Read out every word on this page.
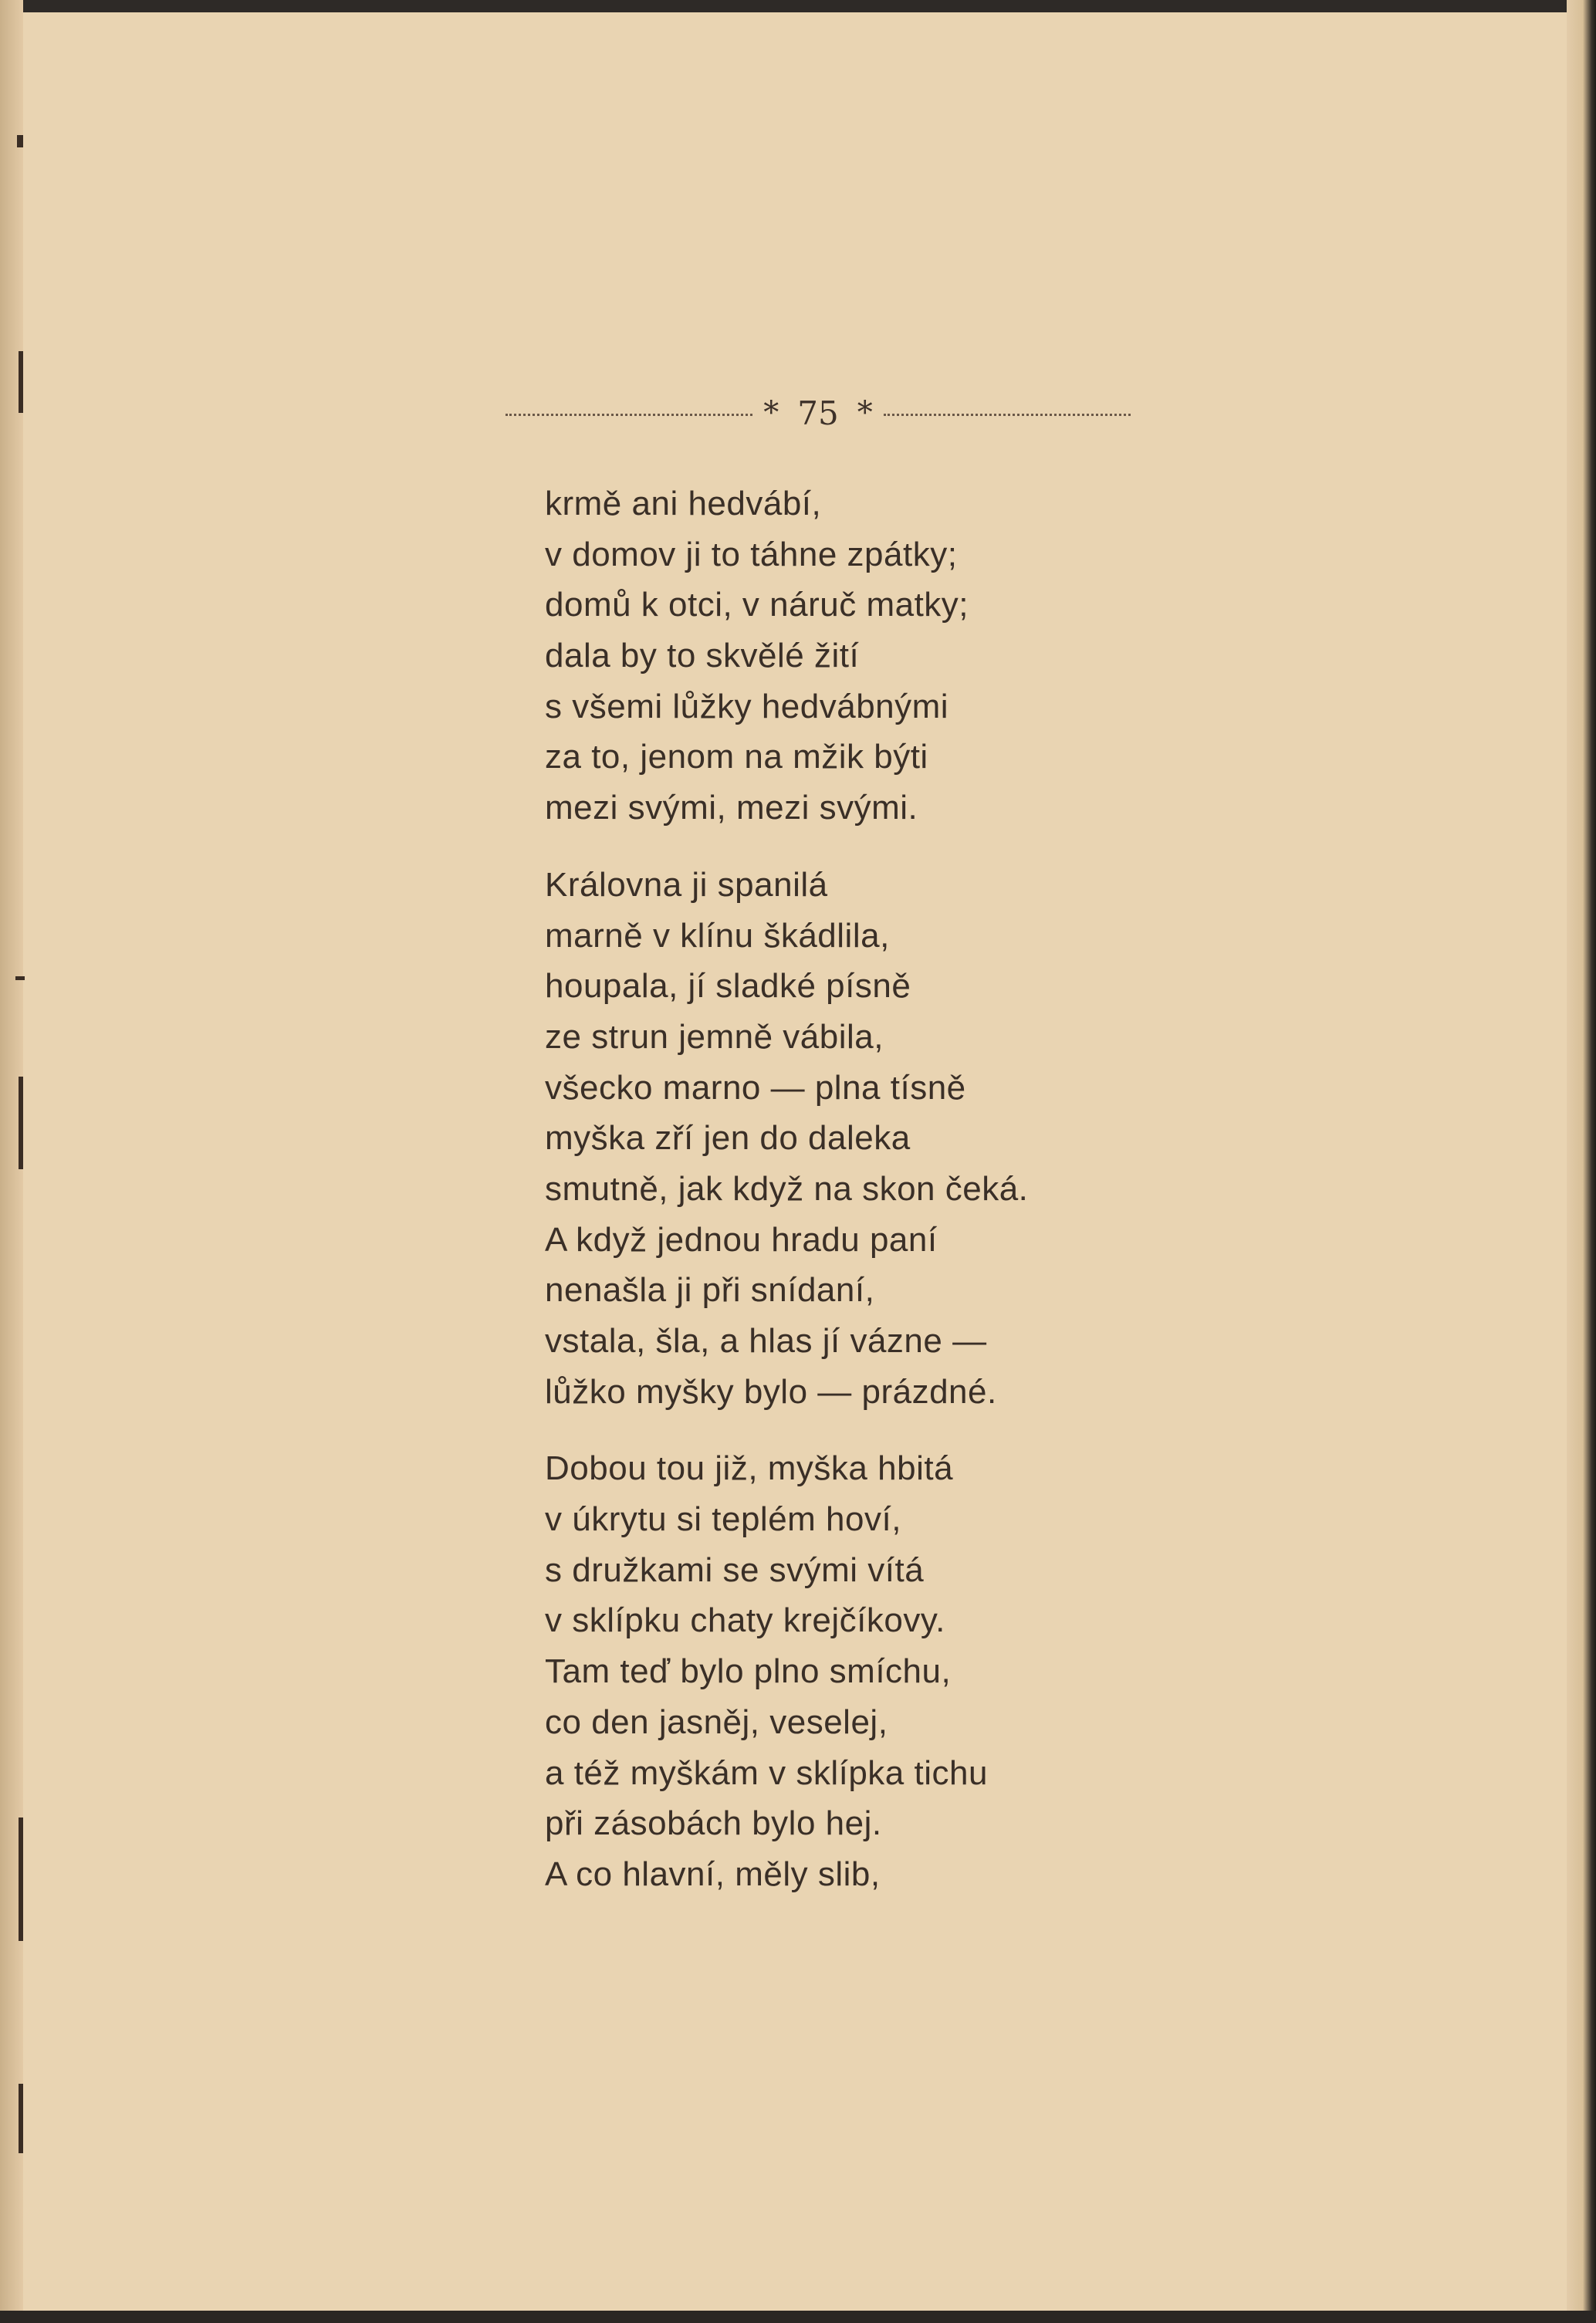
* 75 *
krmě ani hedvábí,
v domov ji to táhne zpátky;
domů k otci, v náruč matky;
dala by to skvělé žití
s všemi lůžky hedvábnými
za to, jenom na mžik býti
mezi svými, mezi svými.
Královna ji spanilá
marně v klínu škádlila,
houpala, jí sladké písně
ze strun jemně vábila,
všecko marno — plna tísně
myška zří jen do daleka
smutně, jak když na skon čeká.
A když jednou hradu paní
nenašla ji při snídaní,
vstala, šla, a hlas jí vázne —
lůžko myšky bylo — prázdné.
Dobou tou již, myška hbitá
v úkrytu si teplém hoví,
s družkami se svými vítá
v sklípku chaty krejčíkovy.
Tam teď bylo plno smíchu,
co den jasněj, veselej,
a též myškám v sklípka tichu
při zásobách bylo hej.
A co hlavní, měly slib,
